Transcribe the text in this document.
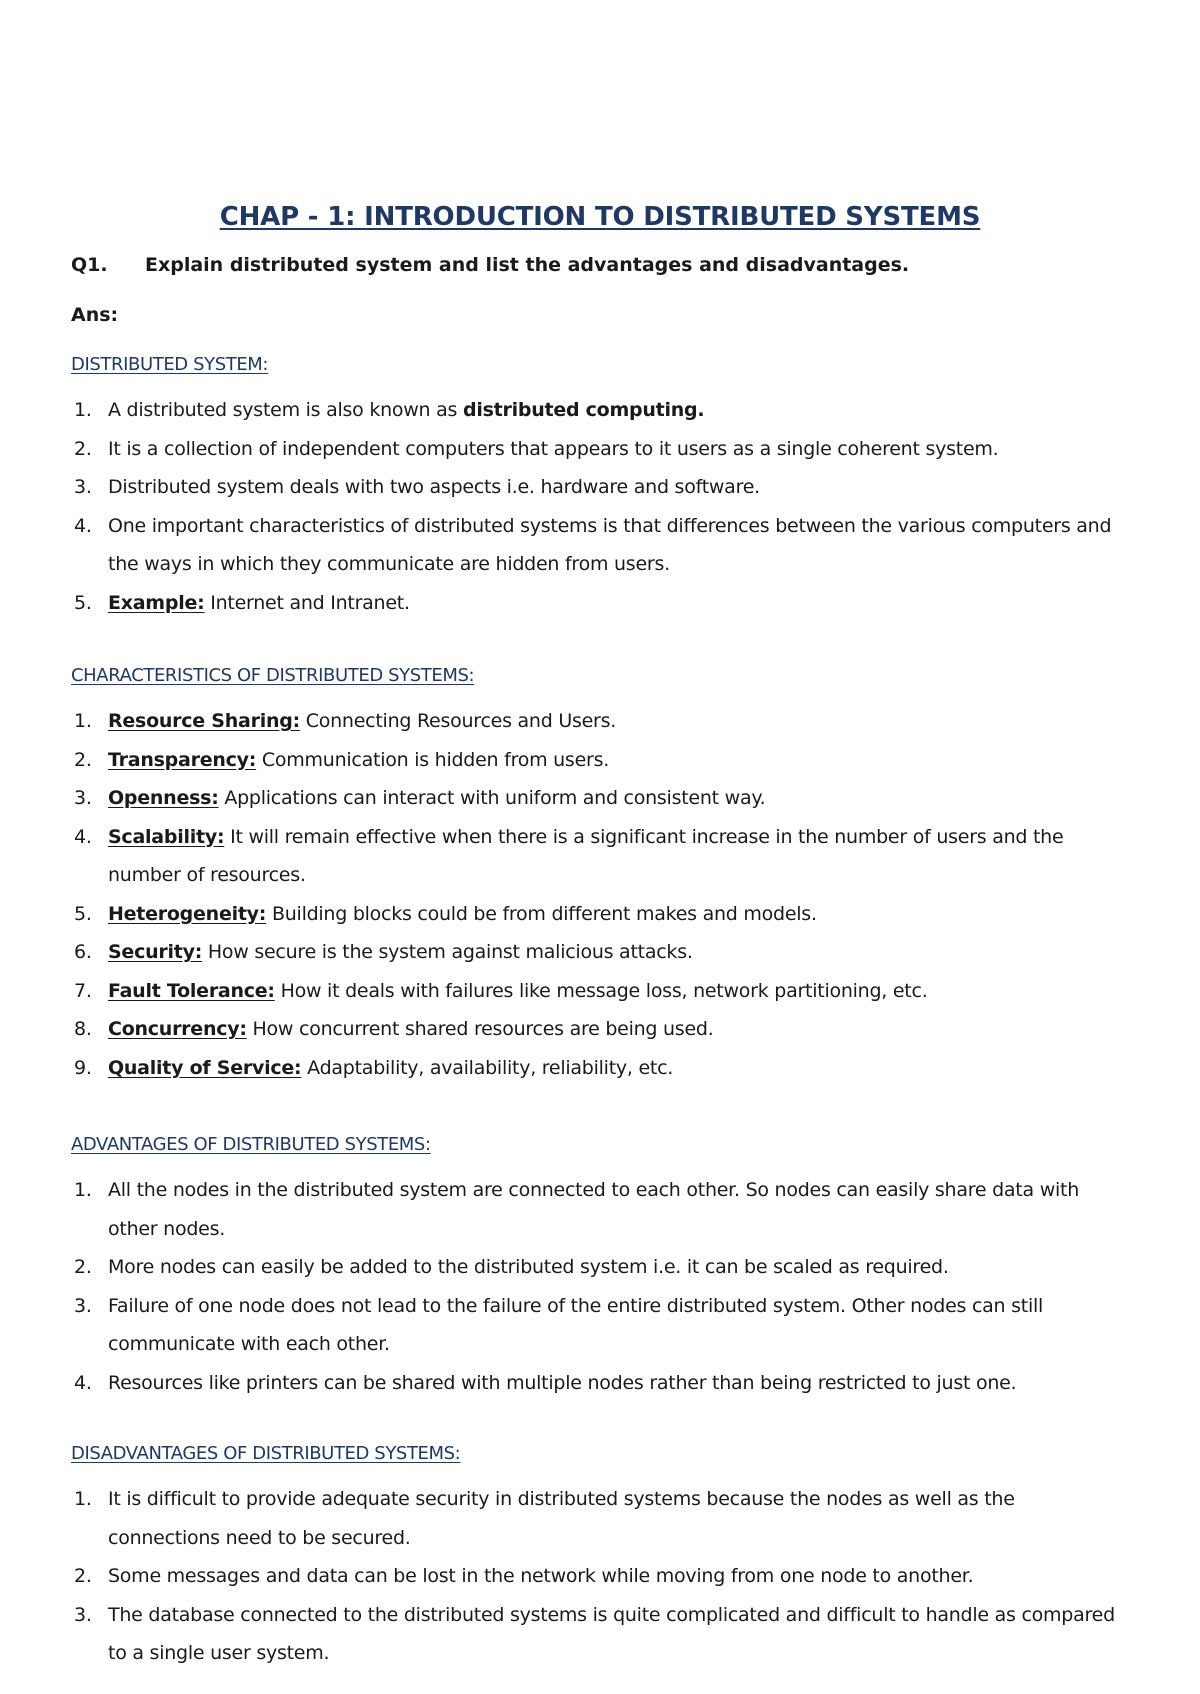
CHAP - 1: INTRODUCTION TO DISTRIBUTED SYSTEMS
Q1. Explain distributed system and list the advantages and disadvantages.
Ans:
DISTRIBUTED SYSTEM:
1. A distributed system is also known as distributed computing.
2. It is a collection of independent computers that appears to it users as a single coherent system.
3. Distributed system deals with two aspects i.e. hardware and software.
4. One important characteristics of distributed systems is that differences between the various computers and the ways in which they communicate are hidden from users.
5. Example: Internet and Intranet.
CHARACTERISTICS OF DISTRIBUTED SYSTEMS:
1. Resource Sharing: Connecting Resources and Users.
2. Transparency: Communication is hidden from users.
3. Openness: Applications can interact with uniform and consistent way.
4. Scalability: It will remain effective when there is a significant increase in the number of users and the number of resources.
5. Heterogeneity: Building blocks could be from different makes and models.
6. Security: How secure is the system against malicious attacks.
7. Fault Tolerance: How it deals with failures like message loss, network partitioning, etc.
8. Concurrency: How concurrent shared resources are being used.
9. Quality of Service: Adaptability, availability, reliability, etc.
ADVANTAGES OF DISTRIBUTED SYSTEMS:
1. All the nodes in the distributed system are connected to each other. So nodes can easily share data with other nodes.
2. More nodes can easily be added to the distributed system i.e. it can be scaled as required.
3. Failure of one node does not lead to the failure of the entire distributed system. Other nodes can still communicate with each other.
4. Resources like printers can be shared with multiple nodes rather than being restricted to just one.
DISADVANTAGES OF DISTRIBUTED SYSTEMS:
1. It is difficult to provide adequate security in distributed systems because the nodes as well as the connections need to be secured.
2. Some messages and data can be lost in the network while moving from one node to another.
3. The database connected to the distributed systems is quite complicated and difficult to handle as compared to a single user system.
